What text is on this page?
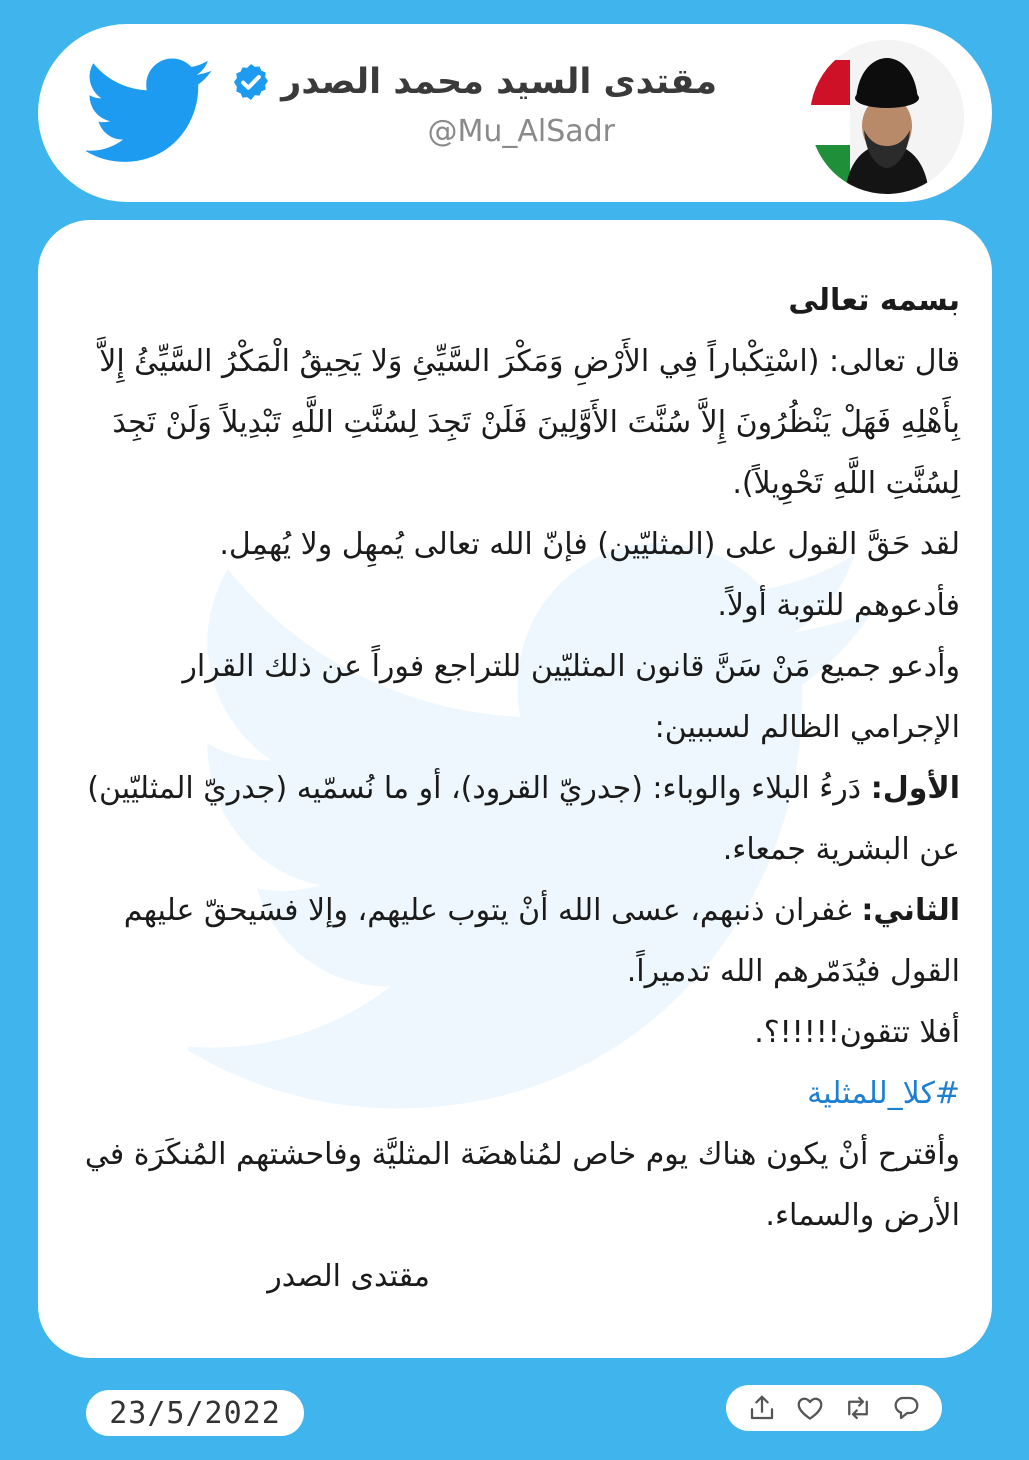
مقتدى السيد محمد الصدر
@Mu_AlSadr

بسمه تعالى

قال تعالى: (اسْتِكْباراً فِي الأَرْضِ وَمَكْرَ السَّيِّئِ وَلا يَحِيقُ الْمَكْرُ السَّيِّئُ إِلاَّ بِأَهْلِهِ فَهَلْ يَنْظُرُونَ إِلاَّ سُنَّتَ الأَوَّلِينَ فَلَنْ تَجِدَ لِسُنَّتِ اللَّهِ تَبْدِيلاً وَلَنْ تَجِدَ لِسُنَّتِ اللَّهِ تَحْوِيلاً).

لقد حَقَّ القول على (المثليّين) فإنّ الله تعالى يُمهِل ولا يُهمِل.

فأدعوهم للتوبة أولاً.

وأدعو جميع مَنْ سَنَّ قانون المثليّين للتراجع فوراً عن ذلك القرار الإجرامي الظالم لسببين:

الأول: دَرءُ البلاء والوباء: (جدريّ القرود)، أو ما نُسمّيه (جدريّ المثليّين) عن البشرية جمعاء.

الثاني: غفران ذنبهم، عسى الله أنْ يتوب عليهم، وإلا فسَيحقّ عليهم القول فيُدَمّرهم الله تدميراً.

أفلا تتقون!!!!!؟.

#كلا_للمثلية

وأقترح أنْ يكون هناك يوم خاص لمُناهضَة المثليَّة وفاحشتهم المُنكَرَة في الأرض والسماء.

مقتدى الصدر

23/5/2022
